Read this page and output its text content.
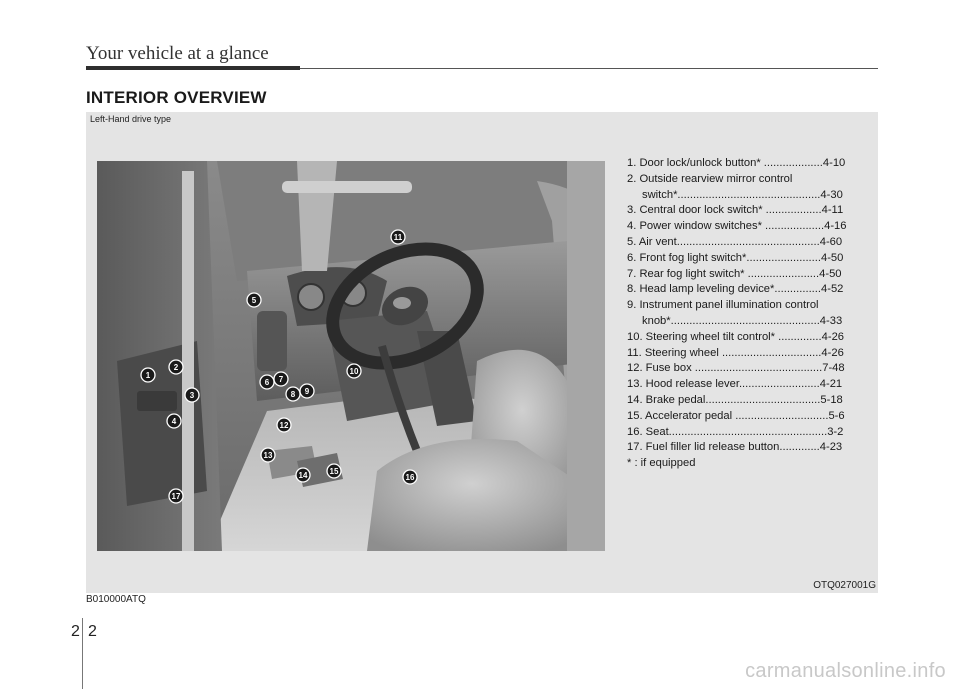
Your vehicle at a glance
INTERIOR OVERVIEW
Left-Hand drive type
1
2
3
4
5
6 7
8 9
10
11
12
13
14	15
16
17
1. Door lock/unlock button* ...................4-10
2. Outside rearview mirror control
switch*..............................................4-30
3. Central door lock switch* ..................4-11
4. Power window switches* ...................4-16
5. Air vent..............................................4-60
6. Front fog light switch*........................4-50
7. Rear fog light switch* .......................4-50
8. Head lamp leveling device*...............4-52
9. Instrument panel illumination control
knob*................................................4-33
10. Steering wheel tilt control* ..............4-26
11. Steering wheel ................................4-26
12. Fuse box .........................................7-48
13. Hood release lever..........................4-21
14. Brake pedal.....................................5-18
15. Accelerator pedal ..............................5-6
16. Seat...................................................3-2
17. Fuel filler lid release button.............4-23
* : if equipped
OTQ027001G
B010000ATQ
2 2
carmanualsonline.info
